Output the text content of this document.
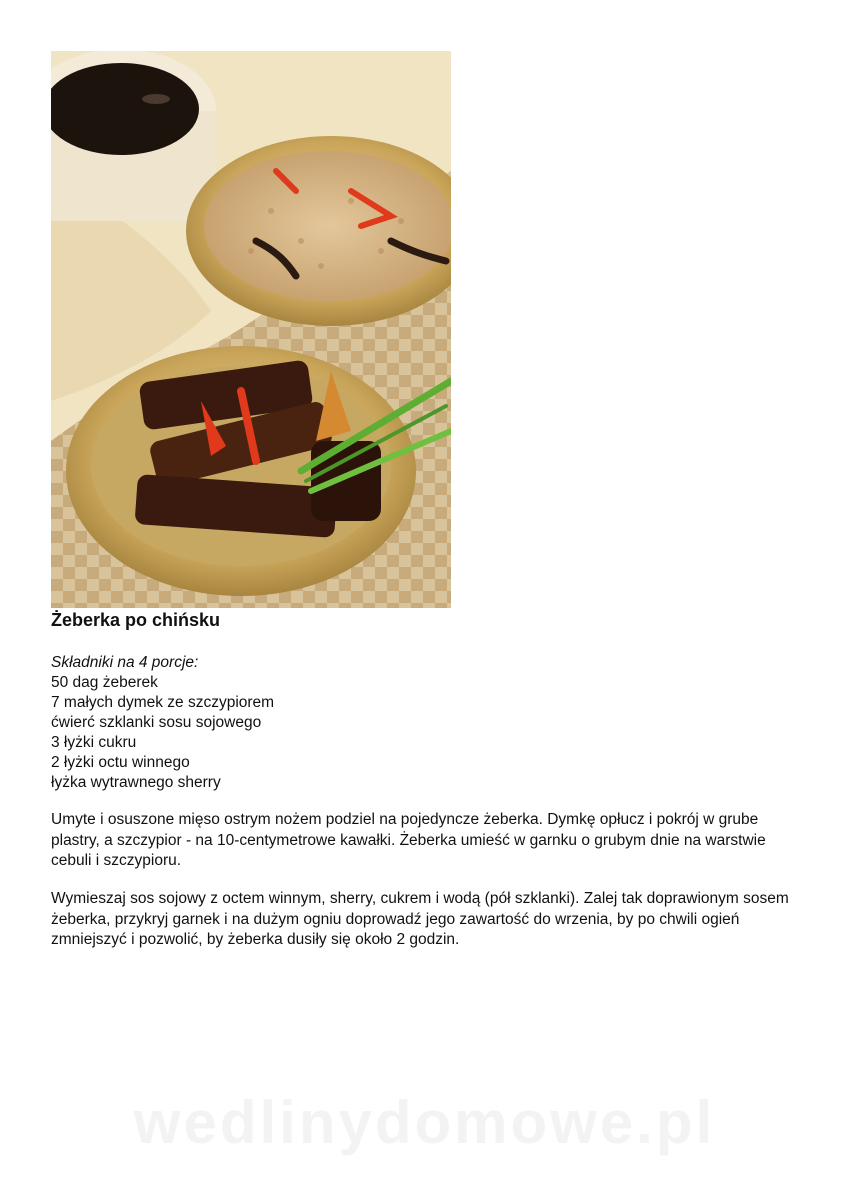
Żeberka po chińsku
Składniki na 4 porcje:
50 dag żeberek
7 małych dymek ze szczypiorem
ćwierć szklanki sosu sojowego
3 łyżki cukru
2 łyżki octu winnego
łyżka wytrawnego sherry

Umyte i osuszone mięso ostrym nożem podziel na pojedyncze żeberka. Dymkę opłucz i pokrój w grube plastry, a szczypior - na 10-centymetrowe kawałki. Żeberka umieść w garnku o grubym dnie na warstwie cebuli i szczypioru.

Wymieszaj sos sojowy z octem winnym, sherry, cukrem i wodą (pół szklanki). Zalej tak doprawionym sosem żeberka, przykryj garnek i na dużym ogniu doprowadź jego zawartość do wrzenia, by po chwili ogień zmniejszyć i pozwolić, by żeberka dusiły się około 2 godzin.

wedlinydomowe.pl
